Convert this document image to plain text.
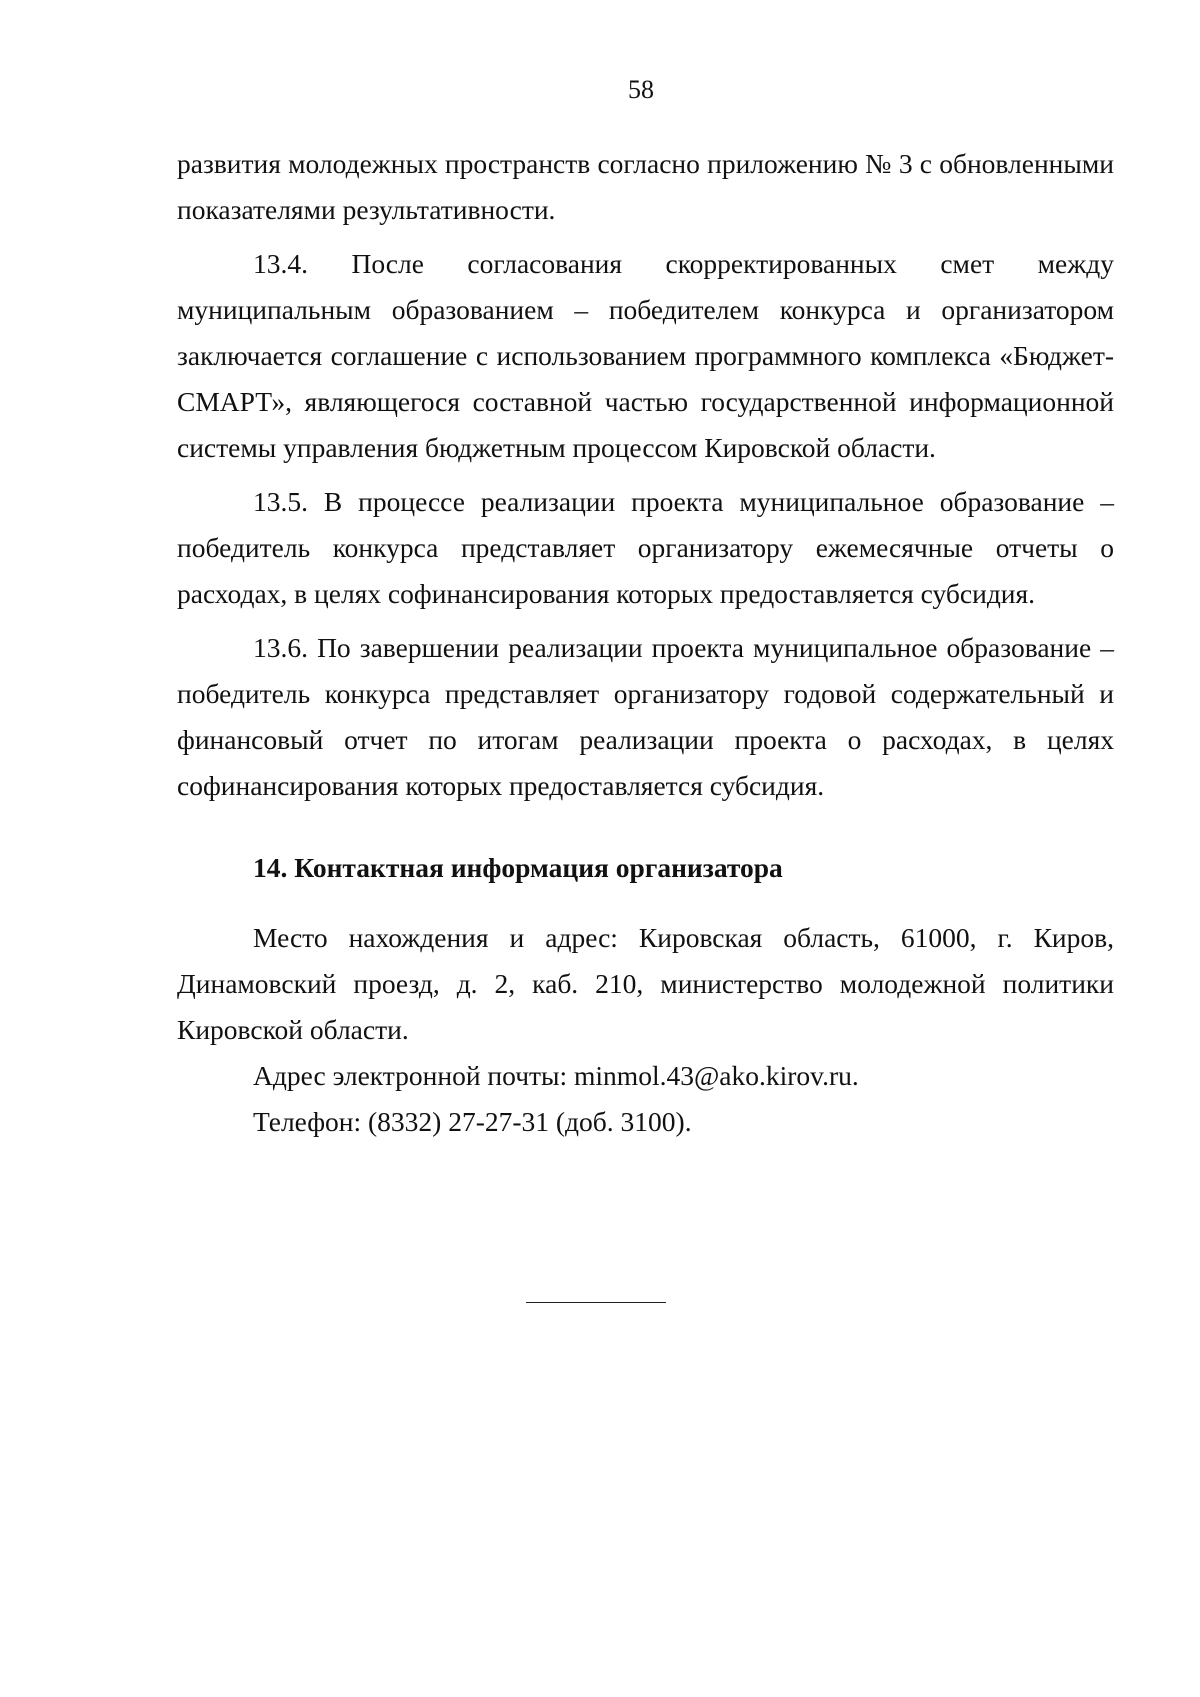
58

развития молодежных пространств согласно приложению № 3 с обновленными показателями результативности.

13.4. После согласования скорректированных смет между муниципальным образованием – победителем конкурса и организатором заключается соглашение с использованием программного комплекса «Бюджет-СМАРТ», являющегося составной частью государственной информационной системы управления бюджетным процессом Кировской области.

13.5. В процессе реализации проекта муниципальное образование – победитель конкурса представляет организатору ежемесячные отчеты о расходах, в целях софинансирования которых предоставляется субсидия.

13.6. По завершении реализации проекта муниципальное образование – победитель конкурса представляет организатору годовой содержательный и финансовый отчет по итогам реализации проекта о расходах, в целях софинансирования которых предоставляется субсидия.

14. Контактная информация организатора

Место нахождения и адрес: Кировская область, 61000, г. Киров, Динамовский проезд, д. 2, каб. 210, министерство молодежной политики Кировской области.

Адрес электронной почты: minmol.43@ako.kirov.ru.

Телефон: (8332) 27-27-31 (доб. 3100).
